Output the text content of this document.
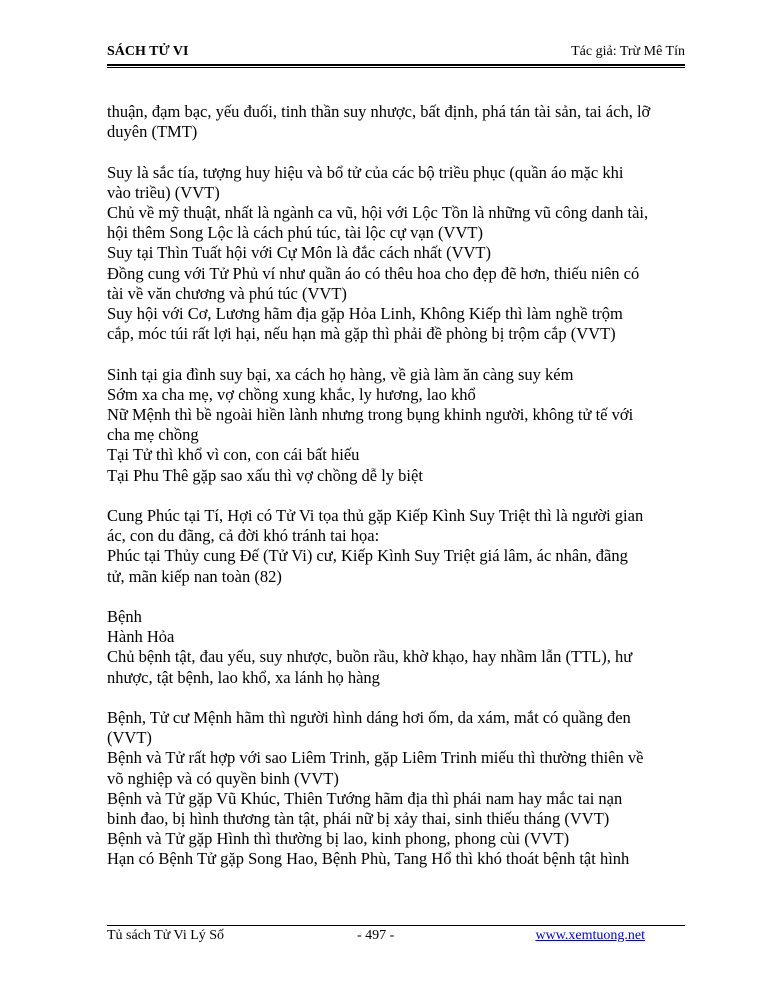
SÁCH TỬ VI	Tác giả: Trừ Mê Tín
thuận, đạm bạc, yếu đuối, tinh thần suy nhược, bất định, phá tán tài sản, tai ách, lỡ
duyên (TMT)
Suy là sắc tía, tượng huy hiệu và bổ tử của các bộ triều phục (quần áo mặc khi
vào triều) (VVT)
Chủ về mỹ thuật, nhất là ngành ca vũ, hội với Lộc Tồn là những vũ công danh tài,
hội thêm Song Lộc là cách phú túc, tài lộc cự vạn (VVT)
Suy tại Thìn Tuất hội với Cự Môn là đắc cách nhất (VVT)
Đồng cung với Tử Phủ ví như quần áo có thêu hoa cho đẹp đẽ hơn, thiếu niên có
tài về văn chương và phú túc (VVT)
Suy hội với Cơ, Lương hãm địa gặp Hỏa Linh, Không Kiếp thì làm nghề trộm
cắp, móc túi rất lợi hại, nếu hạn mà gặp thì phải đề phòng bị trộm cắp (VVT)
Sinh tại gia đình suy bại, xa cách họ hàng, về già làm ăn càng suy kém
Sớm xa cha mẹ, vợ chồng xung khắc, ly hương, lao khổ
Nữ Mệnh thì bề ngoài hiền lành nhưng trong bụng khinh người, không tử tế với
cha mẹ chồng
Tại Tử thì khổ vì con, con cái bất hiếu
Tại Phu Thê gặp sao xấu thì vợ chồng dễ ly biệt
Cung Phúc tại Tí, Hợi có Tử Vi tọa thủ gặp Kiếp Kình Suy Triệt thì là người gian
ác, con du đãng, cả đời khó tránh tai họa:
Phúc tại Thủy cung Đế (Tử Vi) cư, Kiếp Kình Suy Triệt giá lâm, ác nhân, đãng
tử, mãn kiếp nan toàn (82)
Bệnh
Hành Hỏa
Chủ bệnh tật, đau yếu, suy nhược, buồn rầu, khờ khạo, hay nhầm lẫn (TTL), hư
nhược, tật bệnh, lao khổ, xa lánh họ hàng
Bệnh, Tử cư Mệnh hãm thì người hình dáng hơi ốm, da xám, mắt có quầng đen
(VVT)
Bệnh và Tử rất hợp với sao Liêm Trinh, gặp Liêm Trinh miếu thì thường thiên về
võ nghiệp và có quyền binh (VVT)
Bệnh và Tử gặp Vũ Khúc, Thiên Tướng hãm địa thì phái nam hay mắc tai nạn
binh đao, bị hình thương tàn tật, phái nữ bị xảy thai, sinh thiếu tháng (VVT)
Bệnh và Tử gặp Hình thì thường bị lao, kinh phong, phong cùi (VVT)
Hạn có Bệnh Tử gặp Song Hao, Bệnh Phù, Tang Hổ thì khó thoát bệnh tật hình
Tủ sách Tử Vi Lý Số	- 497 -	www.xemtuong.net
